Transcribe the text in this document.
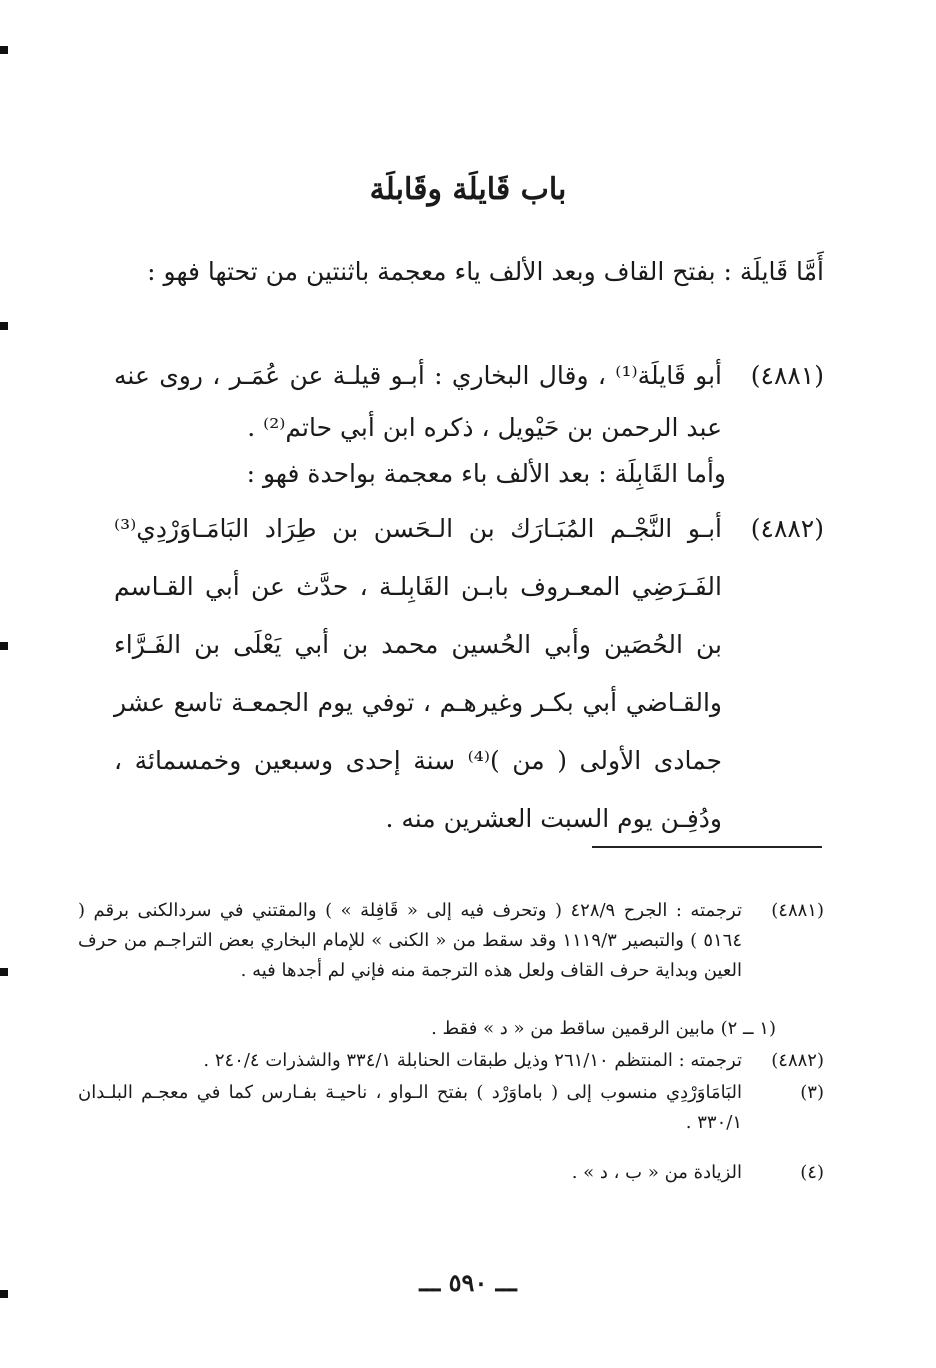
باب قَايلَة وقَابلَة
أَمَّا قَايلَة : بفتح القاف وبعد الألف ياء معجمة باثنتين من تحتها فهو :
(٤٨٨١)
أبو قَايلَة⁽¹⁾ ، وقال البخاري : أبـو قيلـة عن عُمَـر ، روى عنه عبد الرحمن بن حَيْويل ، ذكره ابن أبي حاتم⁽²⁾ .
وأما القَابِلَة : بعد الألف باء معجمة بواحدة فهو :
(٤٨٨٢)
أبـو النَّجْـم المُبَـارَك بن الـحَسن بن طِرَاد البَامَـاوَرْدِي⁽³⁾ الفَـرَضِي المعـروف بابـن القَابِلـة ، حدَّث عن أبي القـاسم بن الحُصَين وأبي الحُسين محمد بن أبي يَعْلَى بن الفَـرَّاء والقـاضي أبي بكـر وغيرهـم ، توفي يوم الجمعـة تاسع عشر جمادى الأولى ( من )⁽⁴⁾ سنة إحدى وسبعين وخمسمائة ، ودُفِـن يوم السبت العشرين منه .
(٤٨٨١)
ترجمته : الجرح ٤٢٨/٩ ( وتحرف فيه إلى « قَافِلة » ) والمقتني في سردالكنى برقم ( ٥١٦٤ ) والتبصير ١١١٩/٣ وقد سقط من « الكنى » للإمام البخاري بعض التراجـم من حرف العين وبداية حرف القاف ولعل هذه الترجمة منه فإني لم أجدها فيه .
(١ ــ ٢) مابين الرقمين ساقط من « د » فقط .
(٤٨٨٢)
ترجمته : المنتظم ٢٦١/١٠ وذيل طبقات الحنابلة ٣٣٤/١ والشذرات ٢٤٠/٤ .
(٣)
البَامَاوَرْدِي منسوب إلى ( باماوَرْد ) بفتح الـواو ، ناحيـة بفـارس كما في معجـم البلـدان ٣٣٠/١ .
(٤)
الزيادة من « ب ، د » .
ـــ ٥٩٠ ـــ
